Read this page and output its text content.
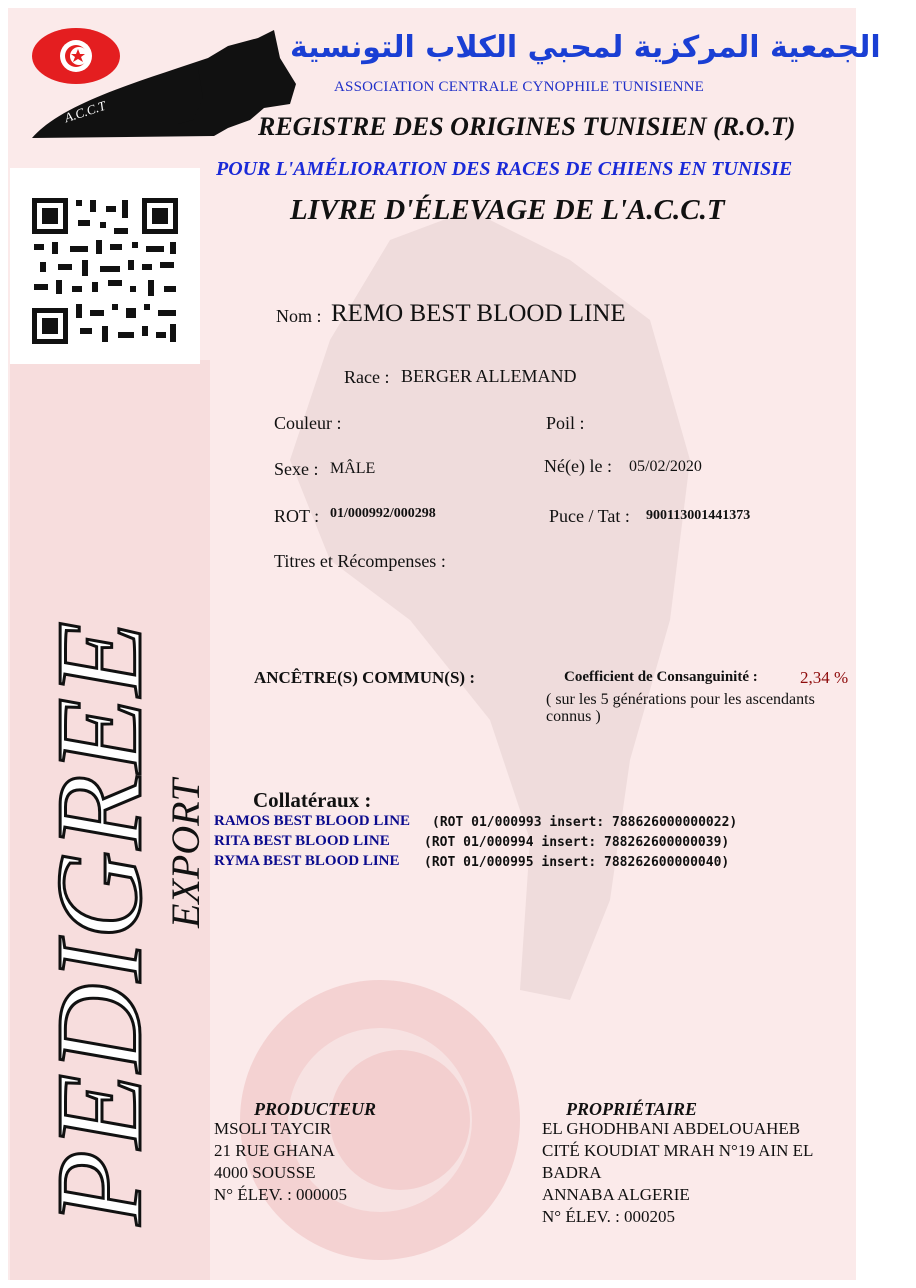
A.C.C.T
الجمعية المركزية لمحبي الكلاب التونسية
ASSOCIATION CENTRALE CYNOPHILE TUNISIENNE
REGISTRE DES ORIGINES TUNISIEN (R.O.T)
POUR L'AMÉLIORATION DES RACES DE CHIENS EN TUNISIE
LIVRE D'ÉLEVAGE DE L'A.C.C.T
Nom : REMO BEST BLOOD LINE
Race : BERGER ALLEMAND
Couleur :	Poil :
Sexe : MÂLE	Né(e) le : 05/02/2020
ROT : 01/000992/000298	Puce / Tat : 900113001441373
Titres et Récompenses :
ANCÊTRE(S) COMMUN(S) :	Coefficient de Consanguinité : 2,34 %
( sur les 5 générations pour les ascendants
connus )
Collatéraux :
RAMOS BEST BLOOD LINE (ROT 01/000993 insert: 788626000000022)
RITA BEST BLOOD LINE	(ROT 01/000994 insert: 788262600000039)
RYMA BEST BLOOD LINE (ROT 01/000995 insert: 788262600000040)
PRODUCTEUR
MSOLI TAYCIR
21 RUE GHANA
4000 SOUSSE
N° ÉLEV. : 000005
PROPRIÉTAIRE
EL GHODHBANI ABDELOUAHEB
CITÉ KOUDIAT MRAH N°19 AIN EL
BADRA
ANNABA ALGERIE
N° ÉLEV. : 000205
PEDIGREE
EXPORT
